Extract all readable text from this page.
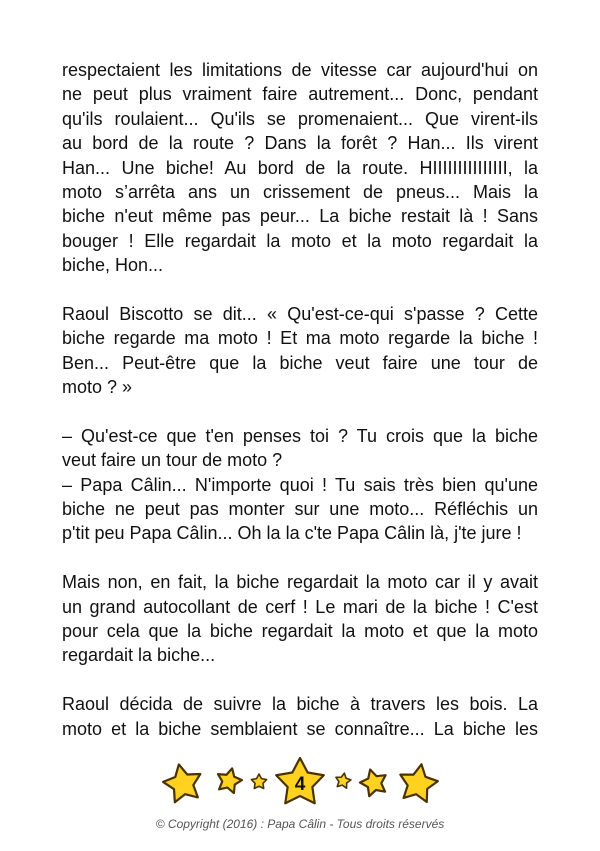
respectaient les limitations de vitesse car aujourd'hui on
ne peut plus vraiment faire autrement... Donc, pendant
qu'ils roulaient... Qu'ils se promenaient... Que virent-ils
au bord de la route ? Dans la forêt ? Han... Ils virent
Han... Une biche! Au bord de la route. HIIIIIIIIIIIIIII, la
moto s’arrêta ans un crissement de pneus... Mais la
biche n'eut même pas peur... La biche restait là ! Sans
bouger ! Elle regardait la moto et la moto regardait la
biche, Hon...
Raoul Biscotto se dit... « Qu'est-ce-qui s'passe ? Cette
biche regarde ma moto ! Et ma moto regarde la biche !
Ben... Peut-être que la biche veut faire une tour de
moto ? »
– Qu'est-ce que t'en penses toi ? Tu crois que la biche
veut faire un tour de moto ?
– Papa Câlin... N'importe quoi ! Tu sais très bien qu'une
biche ne peut pas monter sur une moto... Réfléchis un
p'tit peu Papa Câlin... Oh la la c'te Papa Câlin là, j'te jure !
Mais non, en fait, la biche regardait la moto car il y avait
un grand autocollant de cerf ! Le mari de la biche ! C'est
pour cela que la biche regardait la moto et que la moto
regardait la biche...
Raoul décida de suivre la biche à travers les bois. La
moto et la biche semblaient se connaître... La biche les
4
© Copyright (2016) : Papa Câlin - Tous droits réservés
